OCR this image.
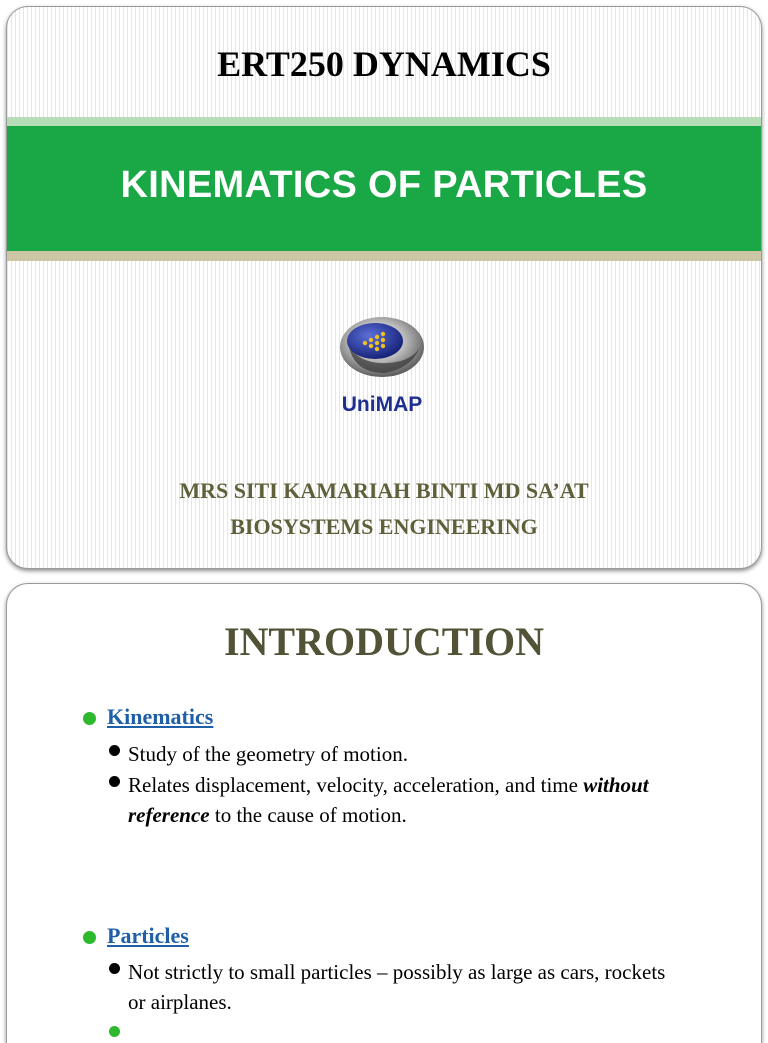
ERT250 DYNAMICS
KINEMATICS OF PARTICLES
UniMAP
MRS SITI KAMARIAH BINTI MD SA’AT
BIOSYSTEMS ENGINEERING
INTRODUCTION
Kinematics
Study of the geometry of motion.
Relates displacement, velocity, acceleration, and time without reference to the cause of motion.
Particles
Not strictly to small particles – possibly as large as cars, rockets or airplanes.
